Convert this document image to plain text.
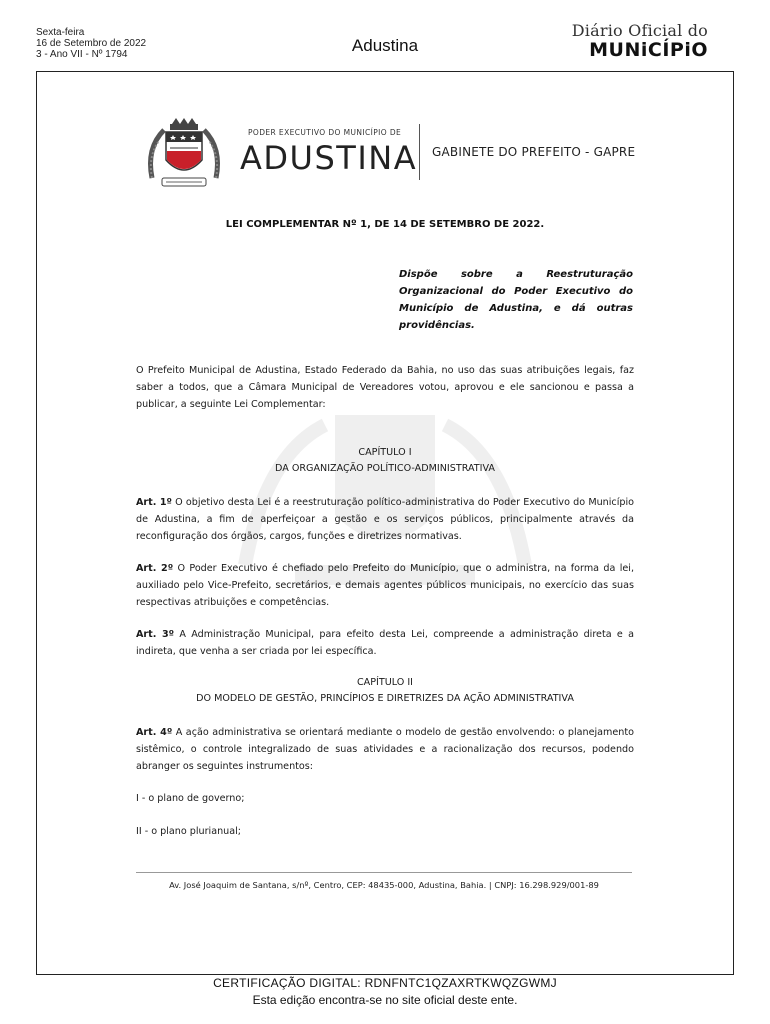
Sexta-feira
16 de Setembro de 2022
3 - Ano VII - Nº 1794	Adustina
Diário Oficial do
MUNiCÍPiO
PODER EXECUTIVO DO MUNICÍPIO DE
ADUSTINA GABINETE DO PREFEITO - GAPRE
LEI COMPLEMENTAR Nº 1, DE 14 DE SETEMBRO DE 2022.
Dispõe sobre a Reestruturação Organizacional do Poder Executivo do Município de Adustina, e dá outras providências.
O Prefeito Municipal de Adustina, Estado Federado da Bahia, no uso das suas atribuições legais, faz saber a todos, que a Câmara Municipal de Vereadores votou, aprovou e ele sancionou e passa a publicar, a seguinte Lei Complementar:
CAPÍTULO I
DA ORGANIZAÇÃO POLÍTICO-ADMINISTRATIVA
Art. 1º O objetivo desta Lei é a reestruturação político-administrativa do Poder Executivo do Município de Adustina, a fim de aperfeiçoar a gestão e os serviços públicos, principalmente através da reconfiguração dos órgãos, cargos, funções e diretrizes normativas.
Art. 2º O Poder Executivo é chefiado pelo Prefeito do Município, que o administra, na forma da lei, auxiliado pelo Vice-Prefeito, secretários, e demais agentes públicos municipais, no exercício das suas respectivas atribuições e competências.
Art. 3º A Administração Municipal, para efeito desta Lei, compreende a administração direta e a indireta, que venha a ser criada por lei específica.
CAPÍTULO II
DO MODELO DE GESTÃO, PRINCÍPIOS E DIRETRIZES DA AÇÃO ADMINISTRATIVA
Art. 4º A ação administrativa se orientará mediante o modelo de gestão envolvendo: o planejamento sistêmico, o controle integralizado de suas atividades e a racionalização dos recursos, podendo abranger os seguintes instrumentos:
I - o plano de governo;
II - o plano plurianual;
Av. José Joaquim de Santana, s/nº, Centro, CEP: 48435-000, Adustina, Bahia. | CNPJ: 16.298.929/001-89
CERTIFICAÇÃO DIGITAL: RDNFNTC1QZAXRTKWQZGWMJ
Esta edição encontra-se no site oficial deste ente.
